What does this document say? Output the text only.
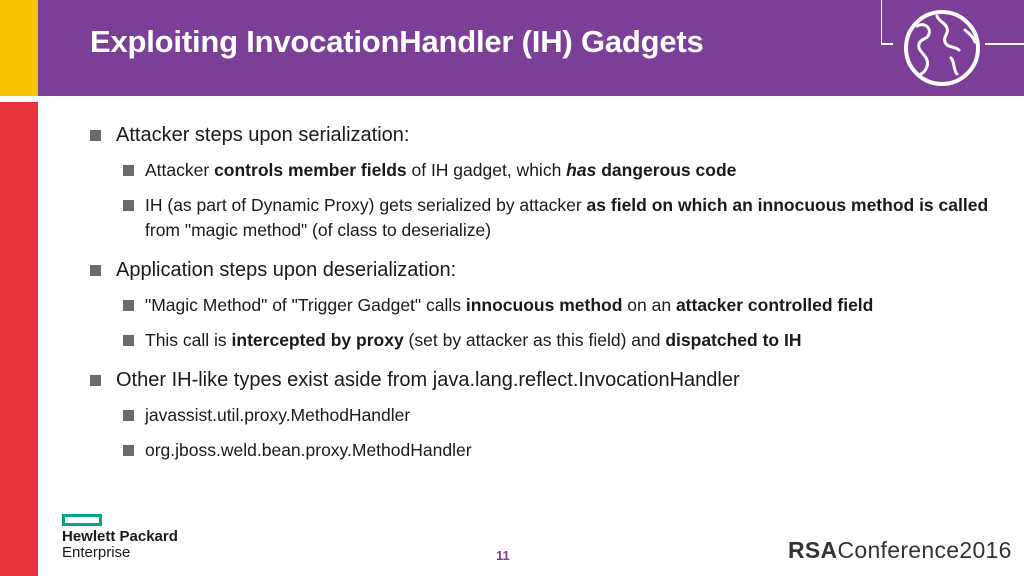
Exploiting InvocationHandler (IH) Gadgets
Attacker steps upon serialization:
Attacker controls member fields of IH gadget, which has dangerous code
IH (as part of Dynamic Proxy) gets serialized by attacker as field on which an innocuous method is called from "magic method" (of class to deserialize)
Application steps upon deserialization:
"Magic Method" of "Trigger Gadget" calls innocuous method on an attacker controlled field
This call is intercepted by proxy (set by attacker as this field) and dispatched to IH
Other IH-like types exist aside from java.lang.reflect.InvocationHandler
javassist.util.proxy.MethodHandler
org.jboss.weld.bean.proxy.MethodHandler
Hewlett Packard
Enterprise	11	RSAConference2016
